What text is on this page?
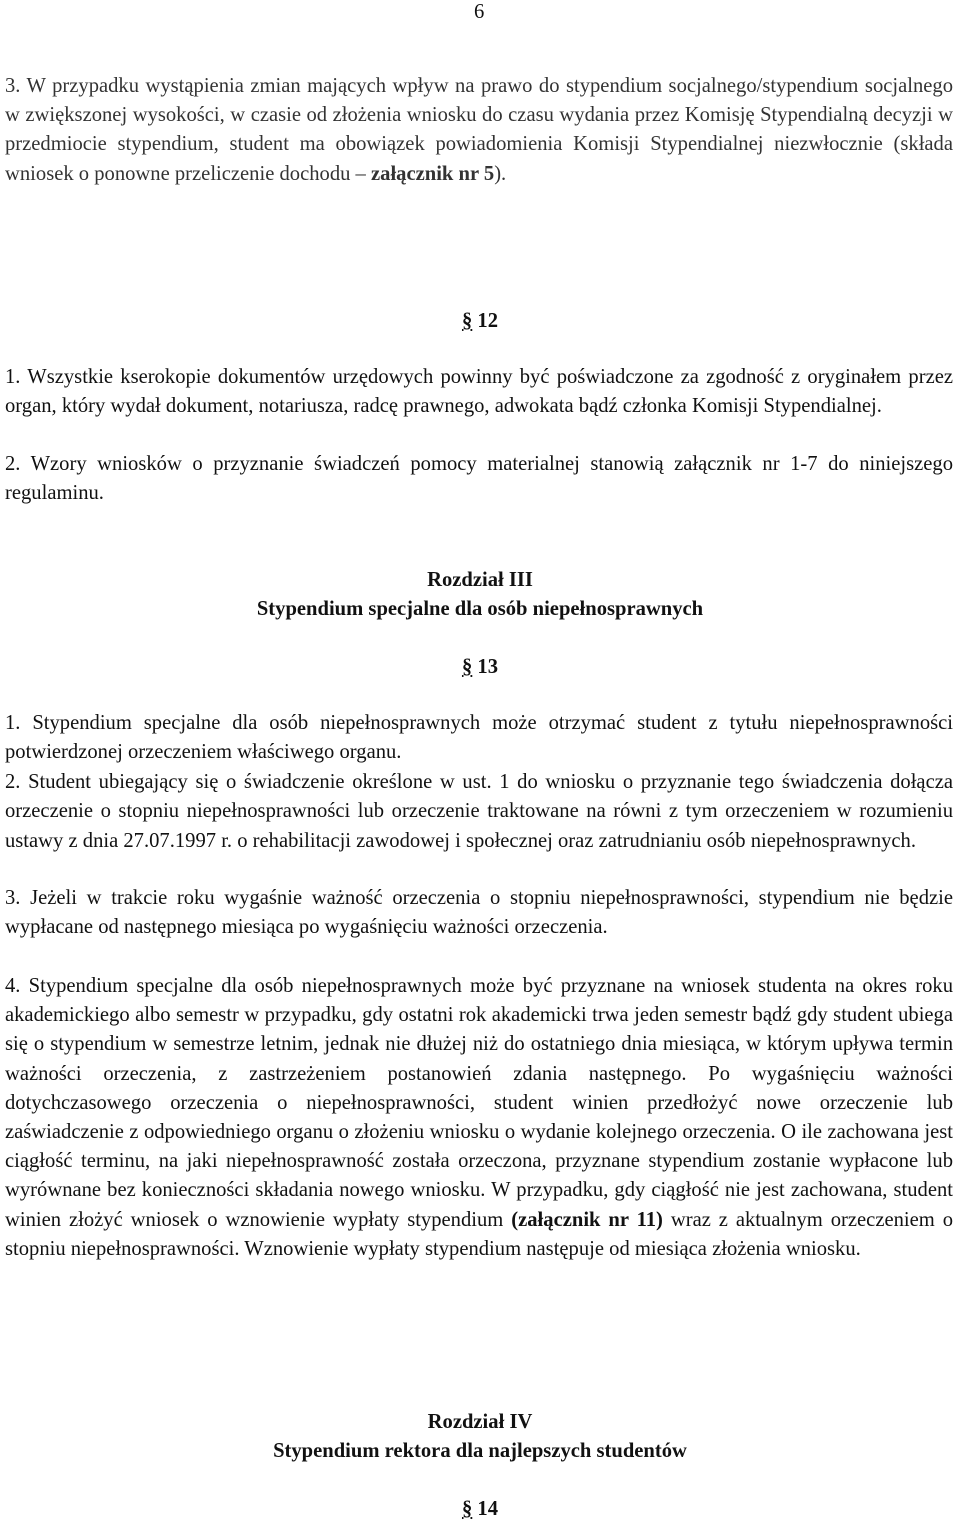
6

3. W przypadku wystąpienia zmian mających wpływ na prawo do stypendium socjalnego/stypendium socjalnego w zwiększonej wysokości, w czasie od złożenia wniosku do czasu wydania przez Komisję Stypendialną decyzji w przedmiocie stypendium, student ma obowiązek powiadomienia Komisji Stypendialnej niezwłocznie (składa wniosek o ponowne przeliczenie dochodu – załącznik nr 5).

§ 12

1. Wszystkie kserokopie dokumentów urzędowych powinny być poświadczone za zgodność z oryginałem przez organ, który wydał dokument, notariusza, radcę prawnego, adwokata bądź członka Komisji Stypendialnej.

2. Wzory wniosków o przyznanie świadczeń pomocy materialnej stanowią załącznik nr 1-7 do niniejszego regulaminu.

Rozdział III
Stypendium specjalne dla osób niepełnosprawnych
§ 13

1. Stypendium specjalne dla osób niepełnosprawnych może otrzymać student z tytułu niepełnosprawności potwierdzonej orzeczeniem właściwego organu.

2. Student ubiegający się o świadczenie określone w ust. 1 do wniosku o przyznanie tego świadczenia dołącza orzeczenie o stopniu niepełnosprawności lub orzeczenie traktowane na równi z tym orzeczeniem w rozumieniu ustawy z dnia 27.07.1997 r. o rehabilitacji zawodowej i społecznej oraz zatrudnianiu osób niepełnosprawnych.

3. Jeżeli w trakcie roku wygaśnie ważność orzeczenia o stopniu niepełnosprawności, stypendium nie będzie wypłacane od następnego miesiąca po wygaśnięciu ważności orzeczenia.

4. Stypendium specjalne dla osób niepełnosprawnych może być przyznane na wniosek studenta na okres roku akademickiego albo semestr w przypadku, gdy ostatni rok akademicki trwa jeden semestr bądź gdy student ubiega się o stypendium w semestrze letnim, jednak nie dłużej niż do ostatniego dnia miesiąca, w którym upływa termin ważności orzeczenia, z zastrzeżeniem postanowień zdania następnego. Po wygaśnięciu ważności dotychczasowego orzeczenia o niepełnosprawności, student winien przedłożyć nowe orzeczenie lub zaświadczenie z odpowiedniego organu o złożeniu wniosku o wydanie kolejnego orzeczenia. O ile zachowana jest ciągłość terminu, na jaki niepełnosprawność została orzeczona, przyznane stypendium zostanie wypłacone lub wyrównane bez konieczności składania nowego wniosku. W przypadku, gdy ciągłość nie jest zachowana, student winien złożyć wniosek o wznowienie wypłaty stypendium (załącznik nr 11) wraz z aktualnym orzeczeniem o stopniu niepełnosprawności. Wznowienie wypłaty stypendium następuje od miesiąca złożenia wniosku.

Rozdział IV
Stypendium rektora dla najlepszych studentów
§ 14
